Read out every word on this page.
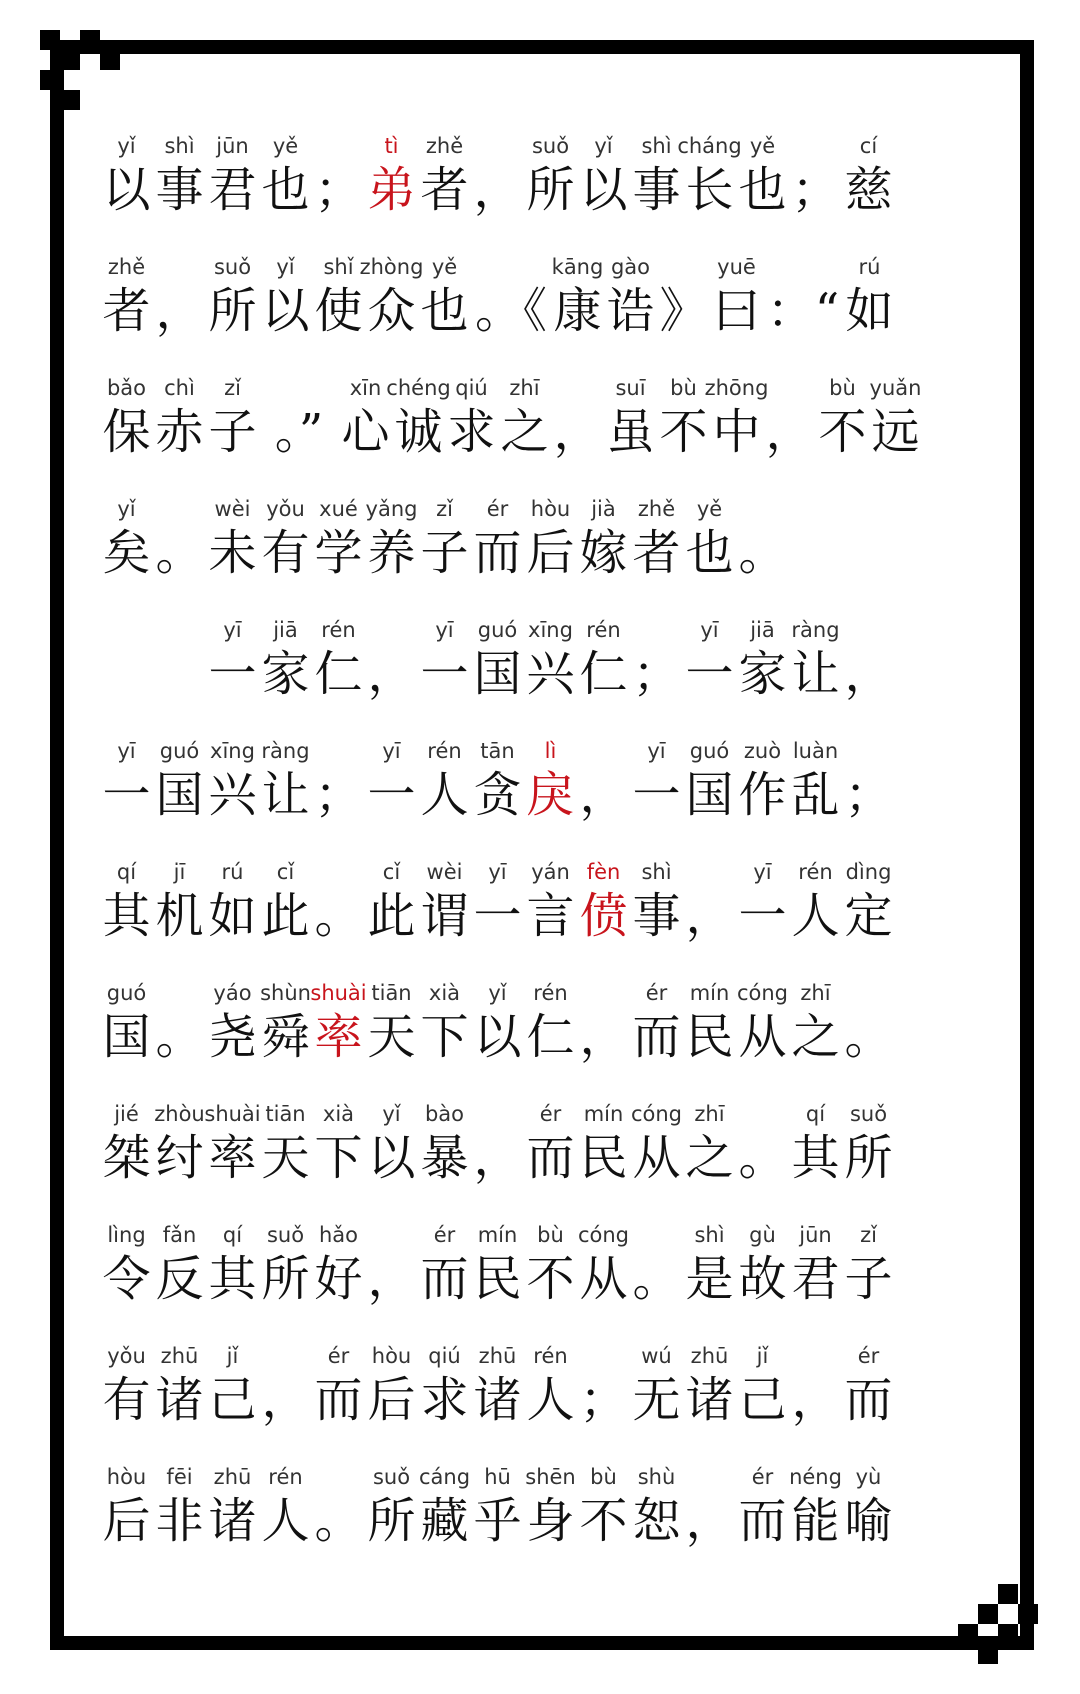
yǐ
以
shì
事
jūn
君
yě
也 ；
tì
弟
zhě
者 ，
suǒ
所
yǐ
以
shì
事
cháng
长
yě
也 ；
cí
慈
zhě
者 ，
suǒ
所
yǐ
以
shǐ
使
zhòng
众
yě
也 。《
kāng
康
gào
诰 》
yuē
曰 ：“
rú
如
bǎo
保
chì
赤
zǐ
子 。”
xīn
心
chéng
诚
qiú
求
zhī
之 ，
suī
虽
bù
不
zhōng
中 ，
bù
不
yuǎn
远
yǐ
矣 。
wèi
未
yǒu
有
xué
学
yǎng
养
zǐ
子
ér
而
hòu
后
jià
嫁
zhě
者
yě
也 。
yī
一
jiā
家
rén
仁 ，
yī
一
guó
国
xīng
兴
rén
仁 ；
yī
一
jiā
家
ràng
让 ，
yī
一
guó
国
xīng
兴
ràng
让 ；
yī
一
rén
人
tān
贪
lì
戾 ，
yī
一
guó
国
zuò
作
luàn
乱 ；
qí
其
jī
机
rú
如
cǐ
此 。
cǐ
此
wèi
谓
yī
一
yán
言
fèn
偾
shì
事 ，
yī
一
rén
人
dìng
定
guó
国 。
yáo
尧
shùn
舜
shuài
率
tiān
天
xià
下
yǐ
以
rén
仁 ，
ér
而
mín
民
cóng
从
zhī
之 。
jié
桀
zhòu
纣
shuài
率
tiān
天
xià
下
yǐ
以
bào
暴 ，
ér
而
mín
民
cóng
从
zhī
之 。
qí
其
suǒ
所
lìng
令
fǎn
反
qí
其
suǒ
所
hǎo
好 ，
ér
而
mín
民
bù
不
cóng
从 。
shì
是
gù
故
jūn
君
zǐ
子
yǒu
有
zhū
诸
jǐ
己 ，
ér
而
hòu
后
qiú
求
zhū
诸
rén
人 ；
wú
无
zhū
诸
jǐ
己 ，
ér
而
hòu
后
fēi
非
zhū
诸
rén
人 。
suǒ
所
cáng
藏
hū
乎
shēn
身
bù
不
shù
恕 ，
ér
而
néng
能
yù
喻
